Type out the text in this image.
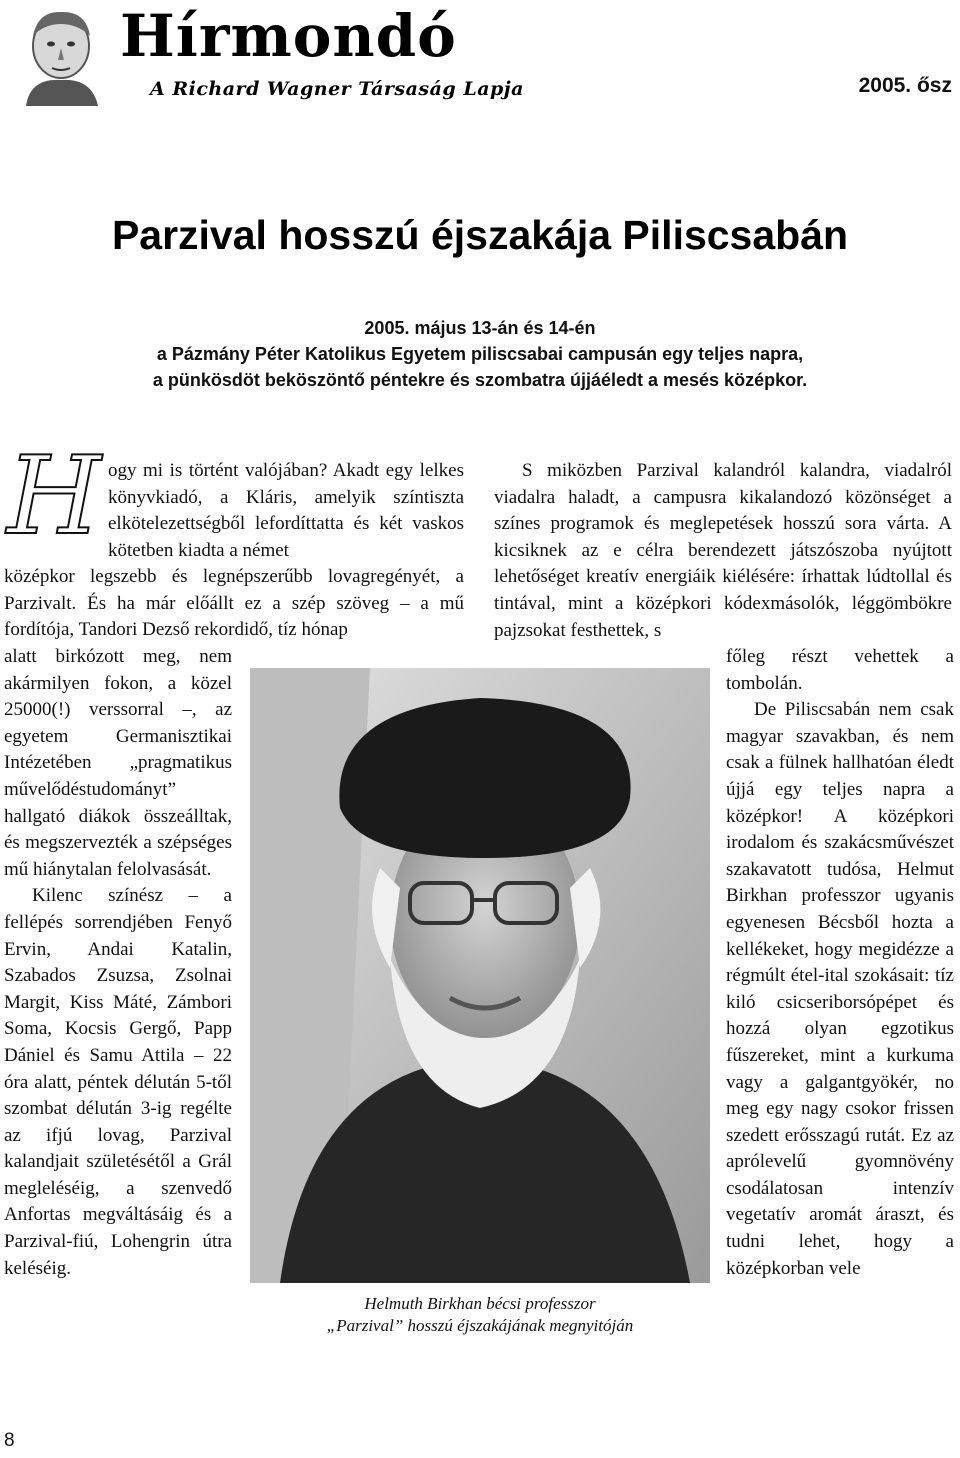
Hírmondó
A Richard Wagner Társaság Lapja	2005. ősz
Parzival hosszú éjszakája Piliscsabán
2005. május 13-án és 14-én
a Pázmány Péter Katolikus Egyetem piliscsabai campusán egy teljes napra,
a pünkösdöt beköszöntő péntekre és szombatra újjáéledt a mesés középkor.
H ogy mi is történt valójában? Akadt egy lelkes könyvkiadó, a Kláris, amelyik színtiszta elkötelezettségből lefordíttatta és két vaskos kötetben kiadta a német

középkor legszebb és legnépszerűbb lovagregényét, a Parzivalt. És ha már előállt ez a szép szöveg – a mű fordítója, Tandori Dezső rekordidő, tíz hónap

alatt birkózott meg, nem akármilyen fokon, a közel 25000(!) verssorral –, az egyetem Germanisztikai Intézetében „pragmatikus művelődéstudományt” hallgató diákok összeálltak, és megszervezték a szépséges mű hiánytalan felolvasását.

Kilenc színész – a fellépés sorrendjében Fenyő Ervin, Andai Katalin, Szabados Zsuzsa, Zsolnai Margit, Kiss Máté, Zámbori Soma, Kocsis Gergő, Papp Dániel és Samu Attila – 22 óra alatt, péntek délután 5-től szombat délután 3-ig regélte az ifjú lovag, Parzival kalandjait születésétől a Grál megleléséig, a szenvedő Anfortas megváltásáig és a Parzival-fiú, Lohengrin útra keléséig.

S miközben Parzival kalandról kalandra, viadalról viadalra haladt, a campusra kikalandozó közönséget a színes programok és meglepetések hosszú sora várta. A kicsiknek az e célra berendezett játszószoba nyújtott lehetőséget kreatív energiáik kiélésére: írhattak lúdtollal és tintával, mint a középkori kódexmásolók, léggömbökre pajzsokat festhettek, s

főleg részt vehettek a tombolán.

De Piliscsabán nem csak magyar szavakban, és nem csak a fülnek hallhatóan éledt újjá egy teljes napra a középkor! A középkori irodalom és szakácsművészet szakavatott tudósa, Helmut Birkhan professzor ugyanis egyenesen Bécsből hozta a kellékeket, hogy megidézze a régmúlt étel-ital szokásait: tíz kiló csicseriborsópépet és hozzá olyan egzotikus fűszereket, mint a kurkuma vagy a galgantgyökér, no meg egy nagy csokor frissen szedett erősszagú rutát. Ez az aprólevelű gyomnövény csodálatosan intenzív vegetatív aromát áraszt, és tudni lehet, hogy a középkorban vele

Helmuth Birkhan bécsi professzor
„Parzival” hosszú éjszakájának megnyitóján
8
